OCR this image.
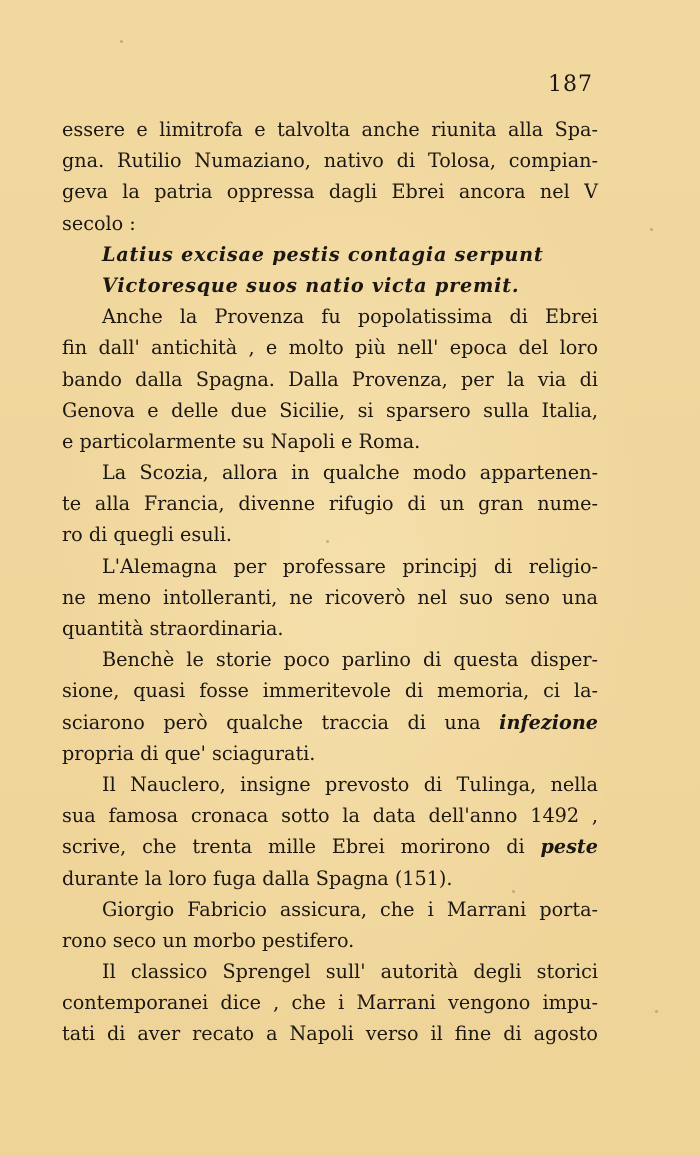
187
essere e limitrofa e talvolta anche riunita alla Spa-
gna. Rutilio Numaziano, nativo di Tolosa, compian-
geva la patria oppressa dagli Ebrei ancora nel V
secolo :
Latius excisae pestis contagia serpunt
Victoresque suos natio victa premit.
Anche la Provenza fu popolatissima di Ebrei
fin dall' antichità , e molto più nell' epoca del loro
bando dalla Spagna. Dalla Provenza, per la via di
Genova e delle due Sicilie, si sparsero sulla Italia,
e particolarmente su Napoli e Roma.
La Scozia, allora in qualche modo appartenen-
te alla Francia, divenne rifugio di un gran nume-
ro di quegli esuli.
L'Alemagna per professare principj di religio-
ne meno intolleranti, ne ricoverò nel suo seno una
quantità straordinaria.
Benchè le storie poco parlino di questa disper-
sione, quasi fosse immeritevole di memoria, ci la-
sciarono però qualche traccia di una infezione
propria di que' sciagurati.
Il Nauclero, insigne prevosto di Tulinga, nella
sua famosa cronaca sotto la data dell'anno 1492 ,
scrive, che trenta mille Ebrei morirono di peste
durante la loro fuga dalla Spagna (151).
Giorgio Fabricio assicura, che i Marrani porta-
rono seco un morbo pestifero.
Il classico Sprengel sull' autorità degli storici
contemporanei dice , che i Marrani vengono impu-
tati di aver recato a Napoli verso il fine di agosto
